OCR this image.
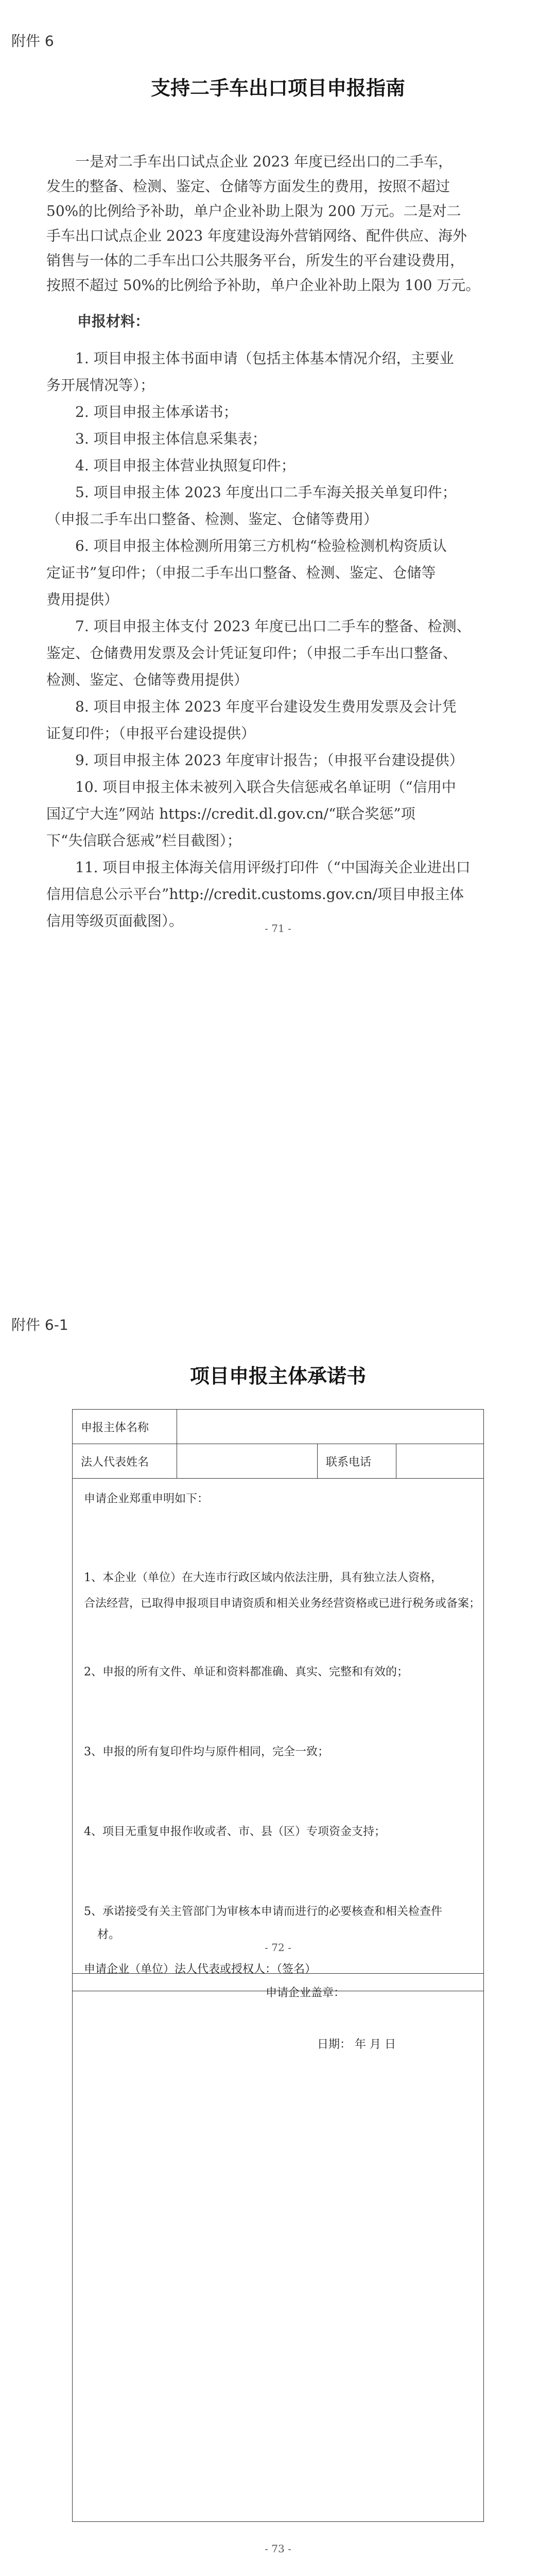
附件 6
支持二手车出口项目申报指南

一是对二手车出口试点企业 2023 年度已经出口的二手车，

发生的整备、检测、鉴定、仓储等方面发生的费用，按照不超过

50%的比例给予补助，单户企业补助上限为 200 万元。二是对二

手车出口试点企业 2023 年度建设海外营销网络、配件供应、海外

销售与一体的二手车出口公共服务平台，所发生的平台建设费用，

按照不超过 50%的比例给予补助，单户企业补助上限为 100 万元。

申报材料：

1. 项目申报主体书面申请（包括主体基本情况介绍，主要业

务开展情况等）；

2. 项目申报主体承诺书；

3. 项目申报主体信息采集表；

4. 项目申报主体营业执照复印件；

5. 项目申报主体 2023 年度出口二手车海关报关单复印件；

（申报二手车出口整备、检测、鉴定、仓储等费用）

6. 项目申报主体检测所用第三方机构“检验检测机构资质认

定证书”复印件；（申报二手车出口整备、检测、鉴定、仓储等

费用提供）

7. 项目申报主体支付 2023 年度已出口二手车的整备、检测、

鉴定、仓储费用发票及会计凭证复印件；（申报二手车出口整备、

检测、鉴定、仓储等费用提供）

8. 项目申报主体 2023 年度平台建设发生费用发票及会计凭

证复印件；（申报平台建设提供）

9. 项目申报主体 2023 年度审计报告；（申报平台建设提供）

10. 项目申报主体未被列入联合失信惩戒名单证明（“信用中

国辽宁大连”网站 https://credit.dl.gov.cn/“联合奖惩”项

下“失信联合惩戒”栏目截图）；

11. 项目申报主体海关信用评级打印件（“中国海关企业进出口

信用信息公示平台”http://credit.customs.gov.cn/项目申报主体

信用等级页面截图）。	- 71 -
附件 6-1
项目申报主体承诺书
申报主体名称			
法人代表姓名		联系电话	
申请企业郑重申明如下：
1、本企业（单位）在大连市行政区域内依法注册，具有独立法人资格，
合法经营，已取得申报项目申请资质和相关业务经营资格或已进行税务或备案；
2、申报的所有文件、单证和资料都准确、真实、完整和有效的；
3、申报的所有复印件均与原件相同，完全一致；
4、项目无重复申报作收或者、市、县（区）专项资金支持；
5、承诺接受有关主管部门为审核本申请而进行的必要核查和相关检查件
材。
申请企业（单位）法人代表或授权人：（签名）
- 72 -
申请企业盖章：
日期： 年 月 日
- 73 -
